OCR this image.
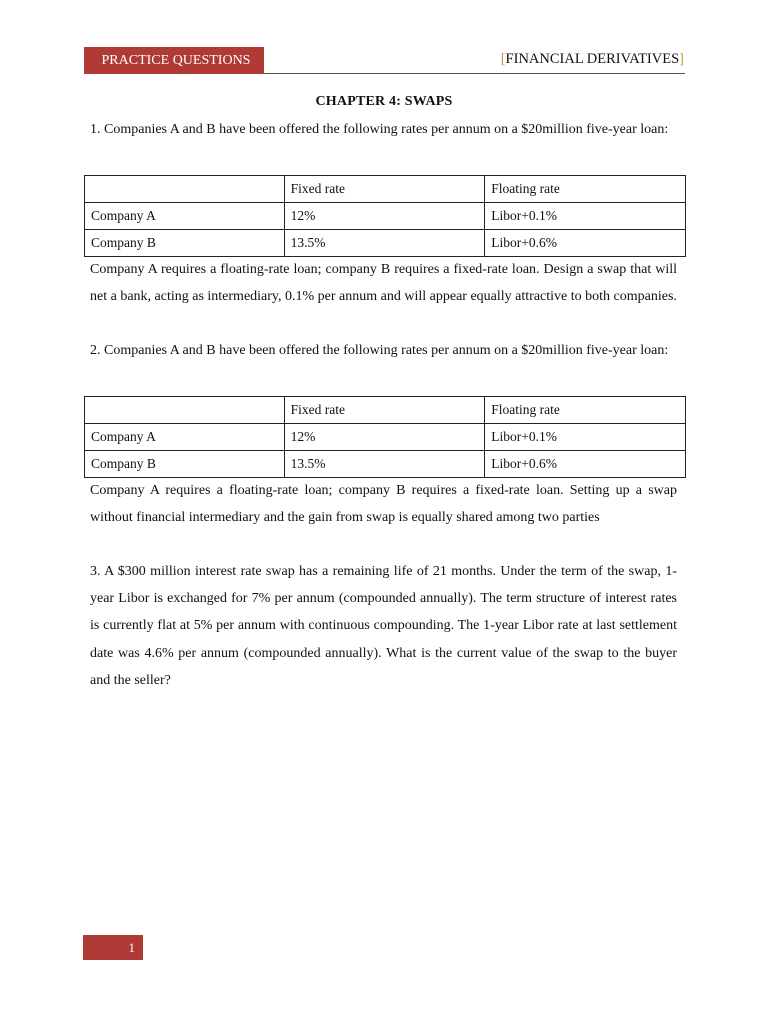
PRACTICE QUESTIONS	[FINANCIAL DERIVATIVES]
CHAPTER 4: SWAPS

1. Companies A and B have been offered the following rates per annum on a $20million five-year loan:

	Fixed rate	Floating rate
Company A	12%	Libor+0.1%
Company B	13.5%	Libor+0.6%

Company A requires a floating-rate loan; company B requires a fixed-rate loan. Design a swap that will net a bank, acting as intermediary, 0.1% per annum and will appear equally attractive to both companies.

2. Companies A and B have been offered the following rates per annum on a $20million five-year loan:

	Fixed rate	Floating rate
Company A	12%	Libor+0.1%
Company B	13.5%	Libor+0.6%

Company A requires a floating-rate loan; company B requires a fixed-rate loan. Setting up a swap without financial intermediary and the gain from swap is equally shared among two parties

3. A $300 million interest rate swap has a remaining life of 21 months. Under the term of the swap, 1-year Libor is exchanged for 7% per annum (compounded annually). The term structure of interest rates is currently flat at 5% per annum with continuous compounding. The 1-year Libor rate at last settlement date was 4.6% per annum (compounded annually). What is the current value of the swap to the buyer and the seller?

1
